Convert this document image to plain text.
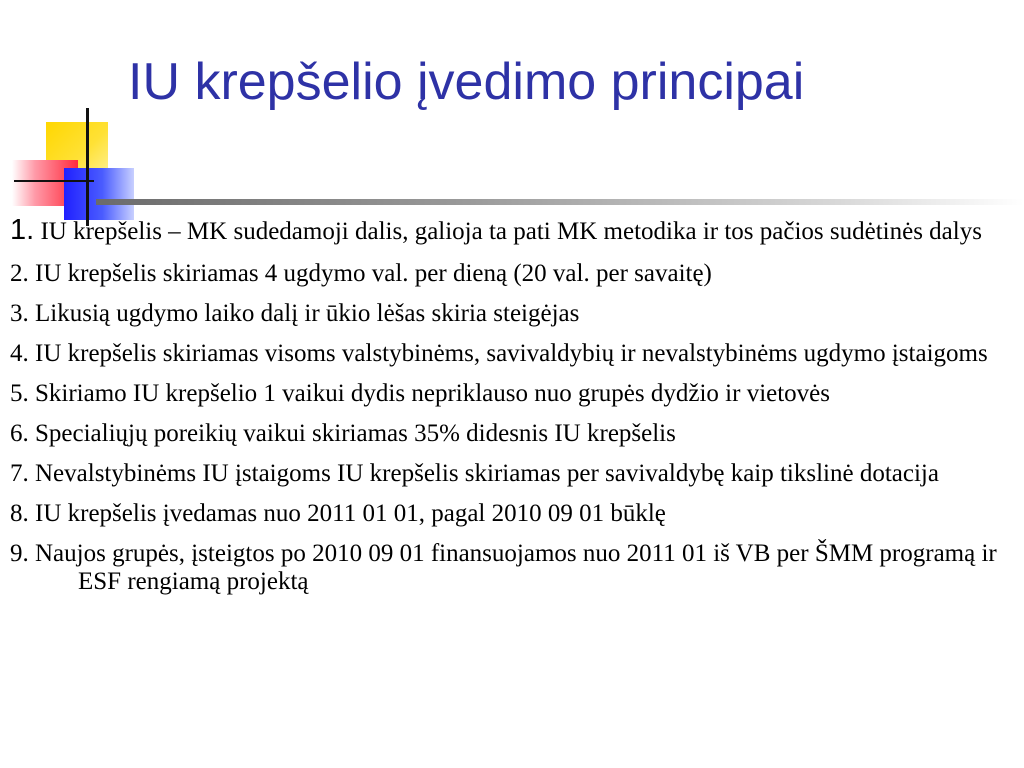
IU krepšelio įvedimo principai
1. IU krepšelis – MK sudedamoji dalis, galioja ta pati MK metodika ir tos pačios sudėtinės dalys
2. IU krepšelis skiriamas 4 ugdymo val. per dieną (20 val. per savaitę)
3. Likusią ugdymo laiko dalį ir ūkio lėšas skiria steigėjas
4. IU krepšelis skiriamas visoms valstybinėms, savivaldybių ir nevalstybinėms ugdymo įstaigoms
5. Skiriamo IU krepšelio 1 vaikui dydis nepriklauso nuo grupės dydžio ir vietovės
6. Specialiųjų poreikių vaikui skiriamas 35% didesnis IU krepšelis
7. Nevalstybinėms IU įstaigoms IU krepšelis skiriamas per savivaldybę kaip tikslinė dotacija
8. IU krepšelis įvedamas nuo 2011 01 01, pagal 2010 09 01 būklę
9. Naujos grupės, įsteigtos po 2010 09 01 finansuojamos nuo 2011 01 iš VB per ŠMM programą ir ESF rengiamą projektą
